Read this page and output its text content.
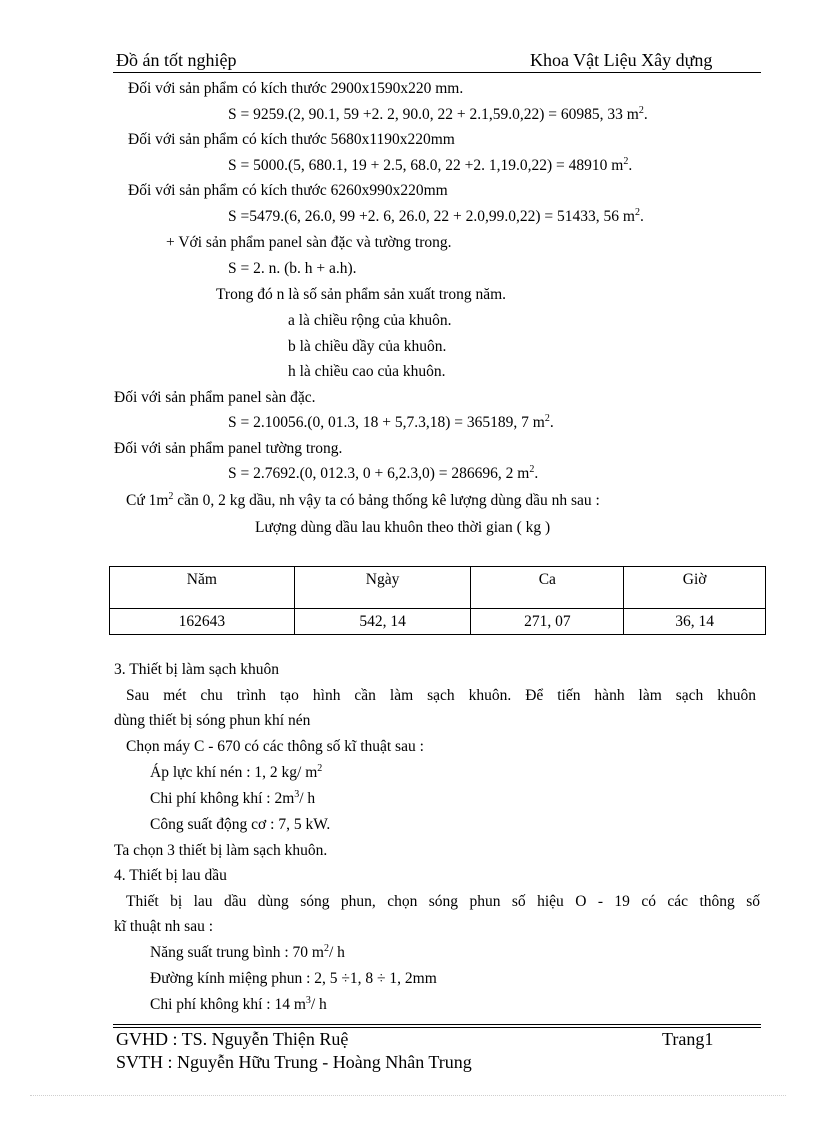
Đồ án tốt nghiệp	Khoa Vật Liệu Xây dựng
Đối với sản phẩm có kích thước 2900x1590x220 mm.
S = 9259.(2, 90.1, 59 +2. 2, 90.0, 22 + 2.1,59.0,22) = 60985, 33 $m^2$.
Đối với sản phẩm có kích thước 5680x1190x220mm
S = 5000.(5, 680.1, 19 + 2.5, 68.0, 22 +2. 1,19.0,22) = 48910 $m^2$.
Đối với sản phẩm có kích thước 6260x990x220mm
S =5479.(6, 26.0, 99 +2. 6, 26.0, 22 + 2.0,99.0,22) = 51433, 56 $m^2$.
+ Với sản phẩm panel sàn đặc và tường trong.
S = 2. n. (b. h + a.h).
Trong đó n là số sản phẩm sản xuất trong năm.
a là chiều rộng của khuôn.
b là chiều dầy của khuôn.
h là chiều cao của khuôn.
Đối với sản phẩm panel sàn đặc.
S = 2.10056.(0, 01.3, 18 + 5,7.3,18) = 365189, 7 $m^2$.
Đối với sản phẩm panel tường trong.
S = 2.7692.(0, 012.3, 0 + 6,2.3,0) = 286696, 2 $m^2$.
Cứ $1m^2$ cần 0, 2 kg dầu, nh vậy ta có bảng thống kê lượng dùng dầu nh sau :
Lượng dùng dầu lau khuôn theo thời gian ( kg )
Năm	Ngày	Ca	Giờ
162643	542, 14	271, 07	36, 14
3. Thiết bị làm sạch khuôn
Sau mét chu trình tạo hình cần làm sạch khuôn. Để tiến hành làm sạch khuôn
dùng thiết bị sóng phun khí nén
Chọn máy C - 670 có các thông số kĩ thuật sau :
Áp lực khí nén : 1, 2 kg/ $m^2$
Chi phí không khí : $2m^3/$ h
Công suất động cơ : 7, 5 kW.
Ta chọn 3 thiết bị làm sạch khuôn.
4. Thiết bị lau dầu
Thiết bị lau dầu dùng sóng phun, chọn sóng phun số hiệu O - 19 có các thông số
kĩ thuật nh sau :
Năng suất trung bình : 70 $m^2/$ h
Đường kính miệng phun : 2, 5 ÷1, 8 ÷ 1, 2mm
Chi phí không khí : 14 $m^3/$ h
GVHD : TS. Nguyễn Thiện Ruệ	Trang1
SVTH : Nguyễn Hữu Trung - Hoàng Nhân Trung
